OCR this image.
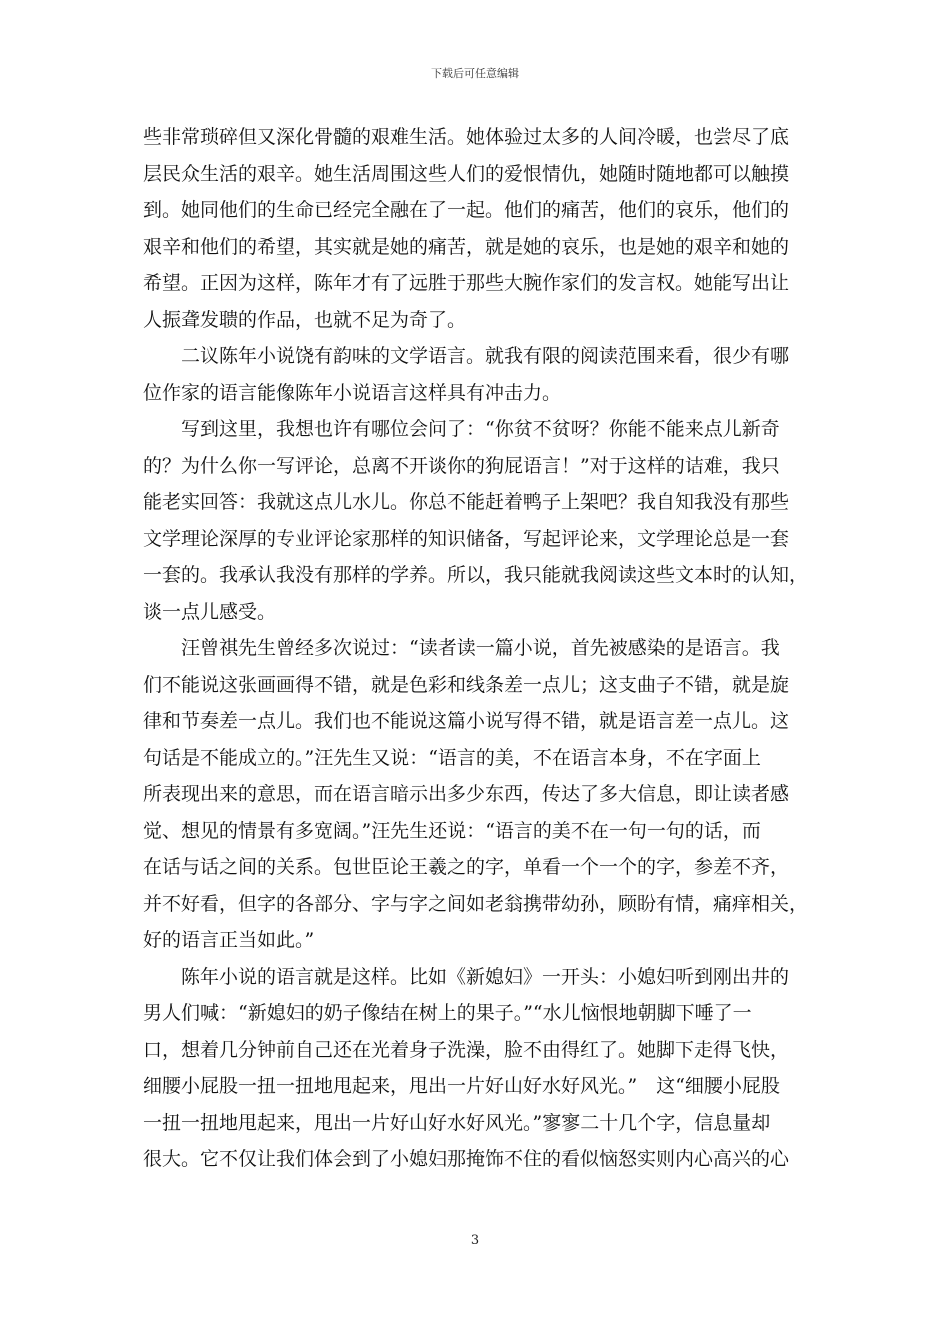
下载后可任意编辑
些非常琐碎但又深化骨髓的艰难生活。她体验过太多的人间冷暖，也尝尽了底
层民众生活的艰辛。她生活周围这些人们的爱恨情仇，她随时随地都可以触摸
到。她同他们的生命已经完全融在了一起。他们的痛苦，他们的哀乐，他们的
艰辛和他们的希望，其实就是她的痛苦，就是她的哀乐，也是她的艰辛和她的
希望。正因为这样，陈年才有了远胜于那些大腕作家们的发言权。她能写出让
人振聋发聩的作品，也就不足为奇了。
二议陈年小说饶有韵味的文学语言。就我有限的阅读范围来看，很少有哪
位作家的语言能像陈年小说语言这样具有冲击力。
写到这里，我想也许有哪位会问了：“你贫不贫呀？你能不能来点儿新奇
的？为什么你一写评论，总离不开谈你的狗屁语言！”对于这样的诘难，我只
能老实回答：我就这点儿水儿。你总不能赶着鸭子上架吧？我自知我没有那些
文学理论深厚的专业评论家那样的知识储备，写起评论来，文学理论总是一套
一套的。我承认我没有那样的学养。所以，我只能就我阅读这些文本时的认知，
谈一点儿感受。
汪曾祺先生曾经多次说过：“读者读一篇小说，首先被感染的是语言。我
们不能说这张画画得不错，就是色彩和线条差一点儿；这支曲子不错，就是旋
律和节奏差一点儿。我们也不能说这篇小说写得不错，就是语言差一点儿。这
句话是不能成立的。”汪先生又说：“语言的美，不在语言本身，不在字面上
所表现出来的意思，而在语言暗示出多少东西，传达了多大信息，即让读者感
觉、想见的情景有多宽阔。”汪先生还说：“语言的美不在一句一句的话，而
在话与话之间的关系。包世臣论王羲之的字，单看一个一个的字，参差不齐，
并不好看，但字的各部分、字与字之间如老翁携带幼孙，顾盼有情，痛痒相关，
好的语言正当如此。”
陈年小说的语言就是这样。比如《新媳妇》一开头：小媳妇听到刚出井的
男人们喊：“新媳妇的奶子像结在树上的果子。”“水儿恼恨地朝脚下唾了一
口，想着几分钟前自己还在光着身子洗澡，脸不由得红了。她脚下走得飞快，
细腰小屁股一扭一扭地甩起来，甩出一片好山好水好风光。”　这“细腰小屁股
一扭一扭地甩起来，甩出一片好山好水好风光。”寥寥二十几个字，信息量却
很大。它不仅让我们体会到了小媳妇那掩饰不住的看似恼怒实则内心高兴的心
3
